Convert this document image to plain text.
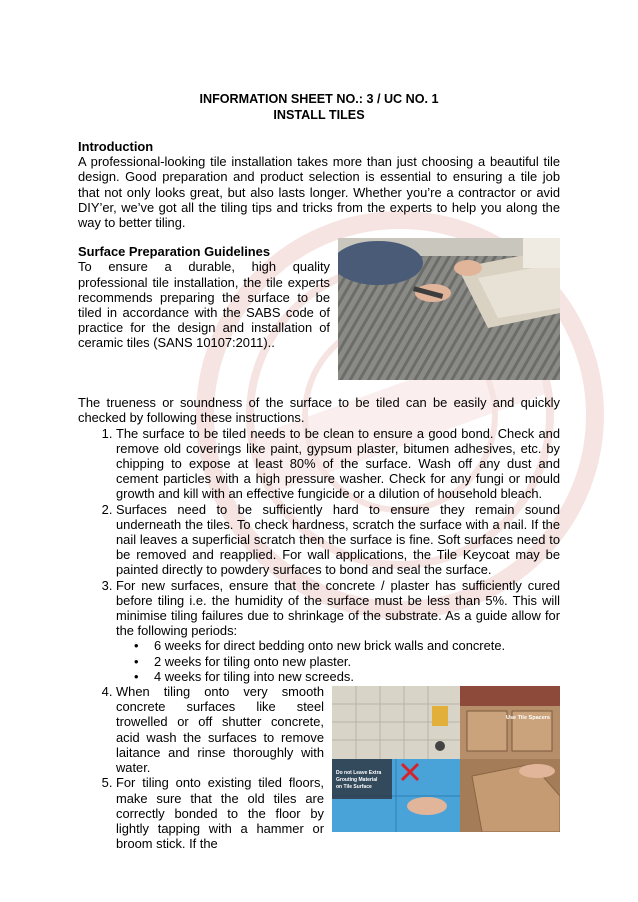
INFORMATION SHEET NO.: 3 / UC NO. 1
INSTALL TILES
Introduction

A professional-looking tile installation takes more than just choosing a beautiful tile design. Good preparation and product selection is essential to ensuring a tile job that not only looks great, but also lasts longer. Whether you’re a contractor or avid DIY’er, we’ve got all the tiling tips and tricks from the experts to help you along the way to better tiling.

Surface Preparation Guidelines

To ensure a durable, high quality professional tile installation, the tile experts recommends preparing the surface to be tiled in accordance with the SABS code of practice for the design and installation of ceramic tiles (SANS 10107:2011)..

The trueness or soundness of the surface to be tiled can be easily and quickly checked by following these instructions.

1. The surface to be tiled needs to be clean to ensure a good bond. Check and remove old coverings like paint, gypsum plaster, bitumen adhesives, etc. by chipping to expose at least 80% of the surface. Wash off any dust and cement particles with a high pressure washer. Check for any fungi or mould growth and kill with an effective fungicide or a dilution of household bleach.
2. Surfaces need to be sufficiently hard to ensure they remain sound underneath the tiles. To check hardness, scratch the surface with a nail. If the nail leaves a superficial scratch then the surface is fine. Soft surfaces need to be removed and reapplied. For wall applications, the Tile Keycoat may be painted directly to powdery surfaces to bond and seal the surface.
3. For new surfaces, ensure that the concrete / plaster has sufficiently cured before tiling i.e. the humidity of the surface must be less than 5%. This will minimise tiling failures due to shrinkage of the substrate. As a guide allow for the following periods:
• 6 weeks for direct bedding onto new brick walls and concrete.
• 2 weeks for tiling onto new plaster.
• 4 weeks for tiling into new screeds.
4. Use Tile Spacers
Do not Leave Extra
Grouting Material
on Tile Surface
When tiling onto very smooth concrete surfaces like steel trowelled or off shutter concrete, acid wash the surfaces to remove laitance and rinse thoroughly with water.
5. For tiling onto existing tiled floors, make sure that the old tiles are correctly bonded to the floor by lightly tapping with a hammer or broom stick. If the
